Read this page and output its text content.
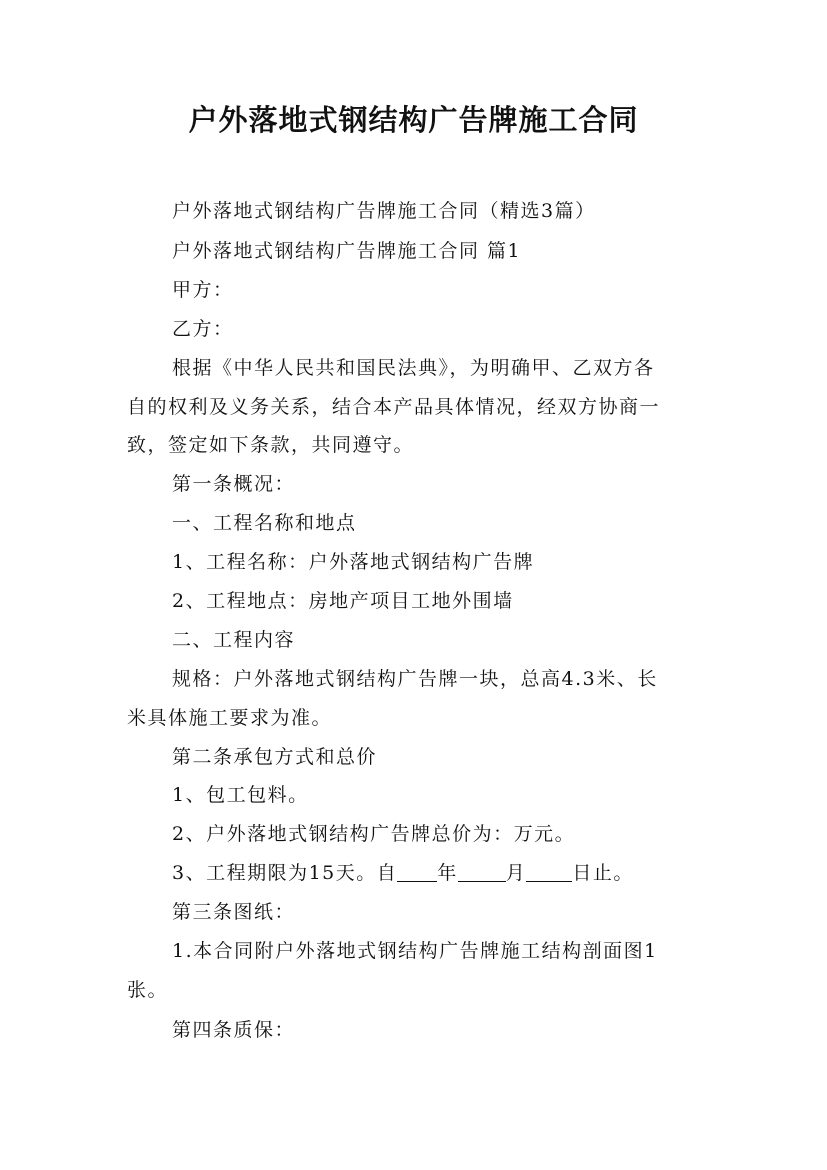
户外落地式钢结构广告牌施工合同
户外落地式钢结构广告牌施工合同（精选3篇）
户外落地式钢结构广告牌施工合同 篇1
甲方：
乙方：
根据《中华人民共和国民法典》，为明确甲、乙双方各
自的权利及义务关系，结合本产品具体情况，经双方协商一
致，签定如下条款，共同遵守。
第一条概况：
一、工程名称和地点
1、工程名称：户外落地式钢结构广告牌
2、工程地点：房地产项目工地外围墙
二、工程内容
规格：户外落地式钢结构广告牌一块，总高4.3米、长
米具体施工要求为准。
第二条承包方式和总价
1、包工包料。
2、户外落地式钢结构广告牌总价为：万元。
3、工程期限为15天。自 年	月 日止。
第三条图纸：
1.本合同附户外落地式钢结构广告牌施工结构剖面图1
张。
第四条质保：
